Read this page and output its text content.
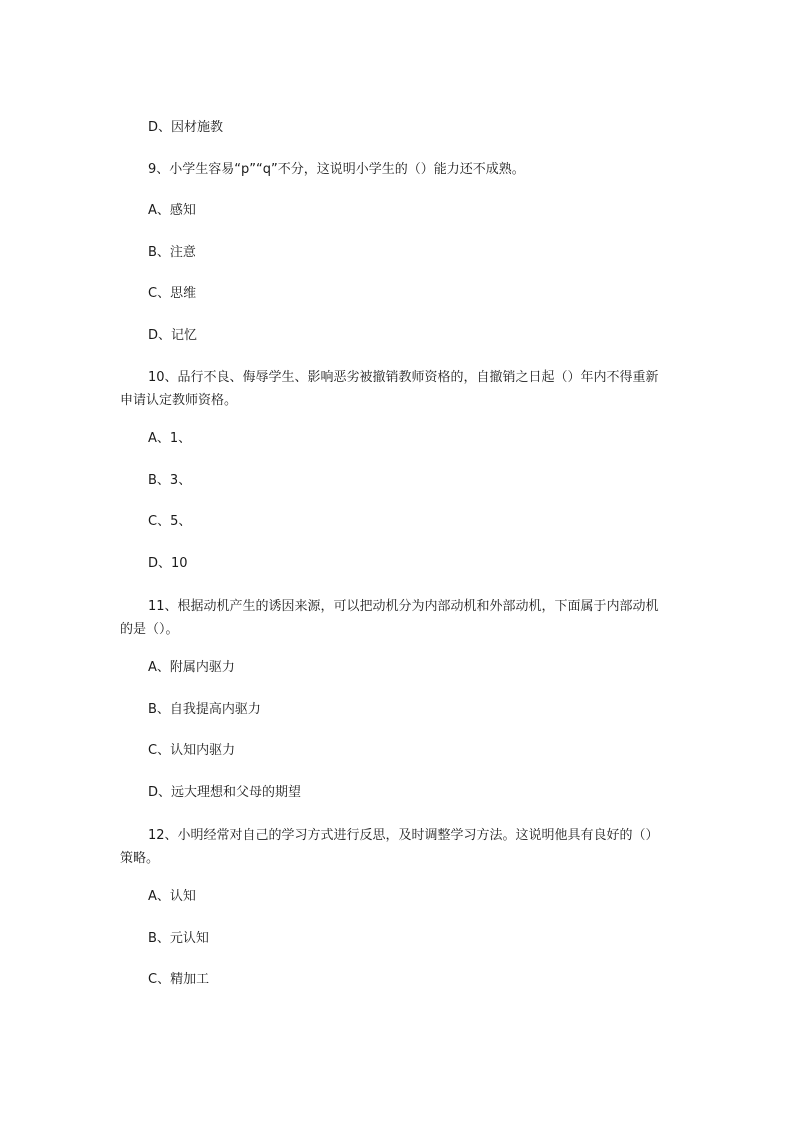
D、因材施教
9、小学生容易“p”“q”不分，这说明小学生的（）能力还不成熟。
A、感知
B、注意
C、思维
D、记忆
10、品行不良、侮辱学生、影响恶劣被撤销教师资格的，自撤销之日起（）年内不得重新申请认定教师资格。
A、1、
B、3、
C、5、
D、10
11、根据动机产生的诱因来源，可以把动机分为内部动机和外部动机，下面属于内部动机的是（）。
A、附属内驱力
B、自我提高内驱力
C、认知内驱力
D、远大理想和父母的期望
12、小明经常对自己的学习方式进行反思，及时调整学习方法。这说明他具有良好的（）策略。
A、认知
B、元认知
C、精加工
